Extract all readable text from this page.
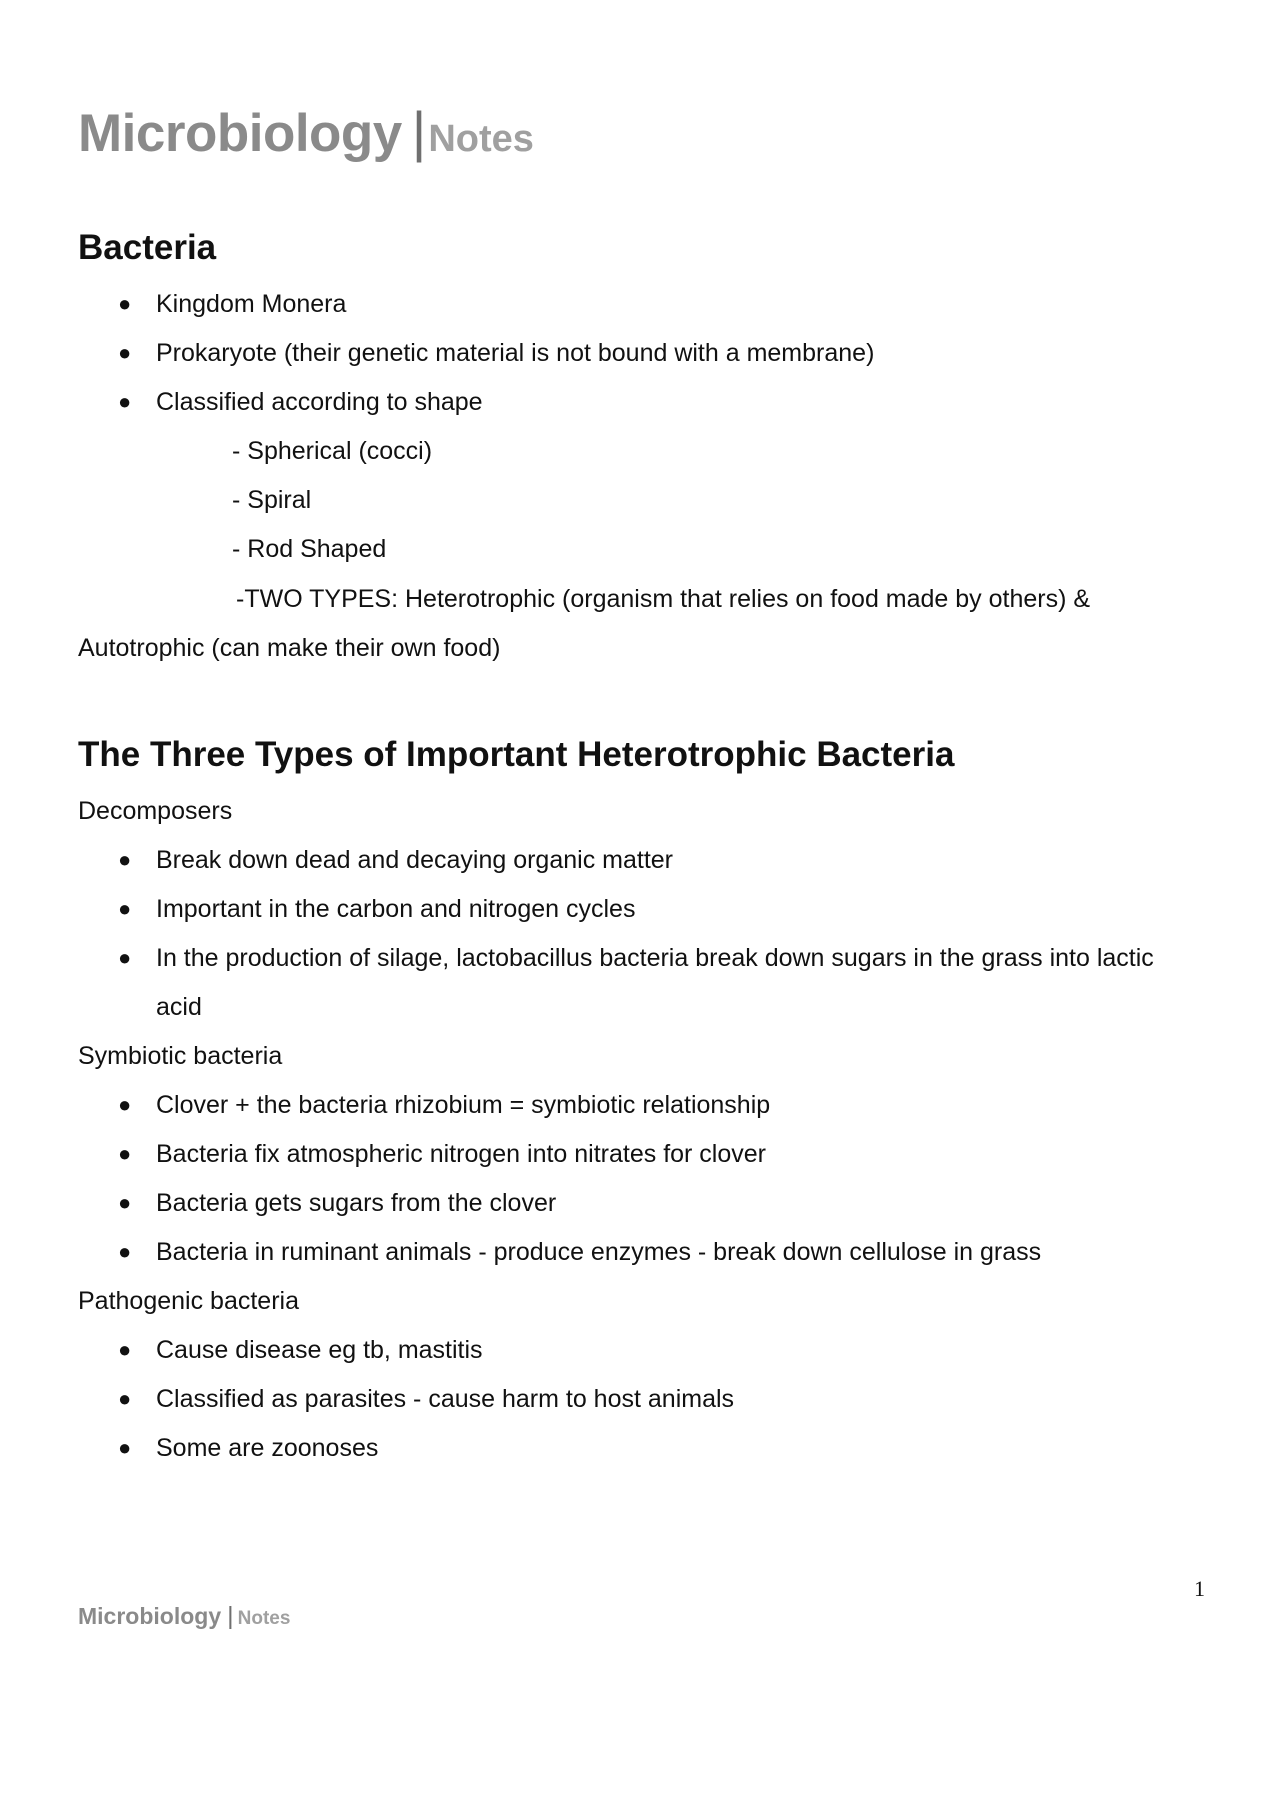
Microbiology |Notes
Bacteria
● Kingdom Monera
● Prokaryote (their genetic material is not bound with a membrane)
● Classified according to shape
- Spherical (cocci)
- Spiral
- Rod Shaped
-TWO TYPES: Heterotrophic (organism that relies on food made by others) &
Autotrophic (can make their own food)
The Three Types of Important Heterotrophic Bacteria
Decomposers
● Break down dead and decaying organic matter
● Important in the carbon and nitrogen cycles
● In the production of silage, lactobacillus bacteria break down sugars in the grass into lactic
acid
Symbiotic bacteria
● Clover + the bacteria rhizobium = symbiotic relationship
● Bacteria fix atmospheric nitrogen into nitrates for clover
● Bacteria gets sugars from the clover
● Bacteria in ruminant animals - produce enzymes - break down cellulose in grass
Pathogenic bacteria
● Cause disease eg tb, mastitis
● Classified as parasites - cause harm to host animals
● Some are zoonoses
1
Microbiology | Notes
